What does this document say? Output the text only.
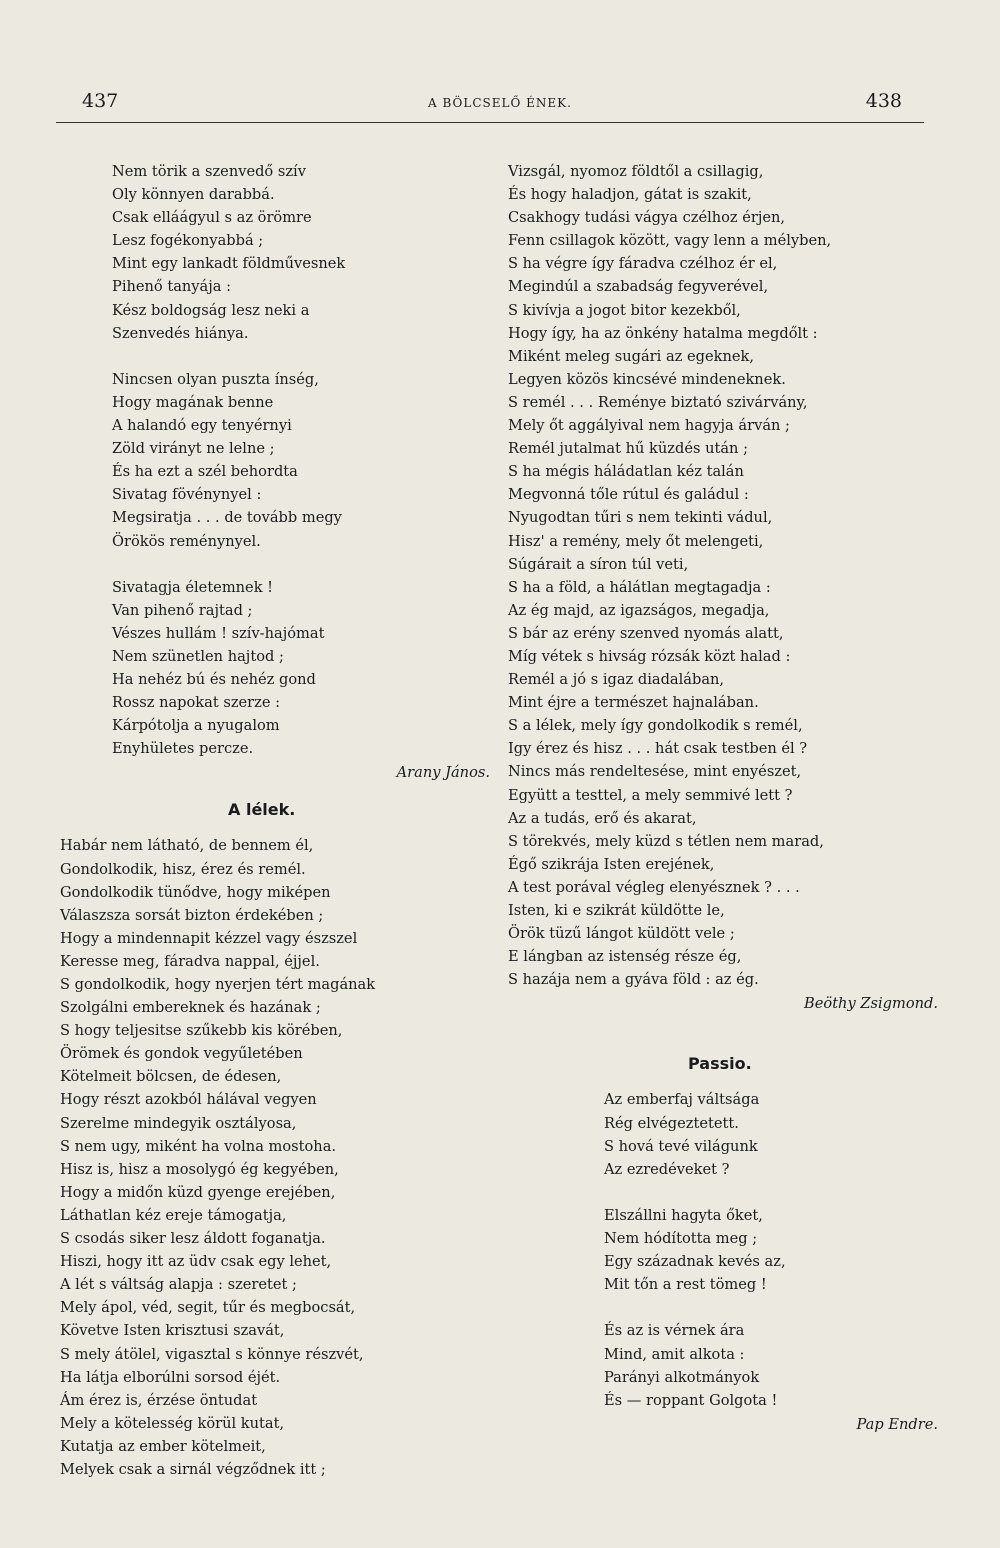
437	A BÖLCSELŐ ÉNEK.	438
Nem törik a szenvedő szív
Oly könnyen darabbá.
Csak elláágyul s az örömre
Lesz fogékonyabbá ;
Mint egy lankadt földművesnek
Pihenő tanyája :
Kész boldogság lesz neki a
Szenvedés hiánya.
Nincsen olyan puszta ínség,
Hogy magának benne
A halandó egy tenyérnyi
Zöld virányt ne lelne ;
És ha ezt a szél behordta
Sivatag fövénynyel :
Megsiratja . . . de tovább megy
Örökös reménynyel.
Sivatagja életemnek !
Van pihenő rajtad ;
Vészes hullám ! szív-hajómat
Nem szünetlen hajtod ;
Ha nehéz bú és nehéz gond
Rossz napokat szerze :
Kárpótolja a nyugalom
Enyhületes percze.
Arany János.
A lélek.
Habár nem látható, de bennem él,
Gondolkodik, hisz, érez és remél.
Gondolkodik tünődve, hogy miképen
Válaszsza sorsát bizton érdekében ;
Hogy a mindennapit kézzel vagy észszel
Keresse meg, fáradva nappal, éjjel.
S gondolkodik, hogy nyerjen tért magának
Szolgálni embereknek és hazának ;
S hogy teljesitse szűkebb kis körében,
Örömek és gondok vegyűletében
Kötelmeit bölcsen, de édesen,
Hogy részt azokból hálával vegyen
Szerelme mindegyik osztályosa,
S nem ugy, miként ha volna mostoha.
Hisz is, hisz a mosolygó ég kegyében,
Hogy a midőn küzd gyenge erejében,
Láthatlan kéz ereje támogatja,
S csodás siker lesz áldott foganatja.
Hiszi, hogy itt az üdv csak egy lehet,
A lét s váltság alapja : szeretet ;
Mely ápol, véd, segit, tűr és megbocsát,
Követve Isten krisztusi szavát,
S mely átölel, vigasztal s könnye részvét,
Ha látja elborúlni sorsod éjét.
Ám érez is, érzése öntudat
Mely a kötelesség körül kutat,
Kutatja az ember kötelmeit,
Melyek csak a sirnál végződnek itt ;
Vizsgál, nyomoz földtől a csillagig,
És hogy haladjon, gátat is szakit,
Csakhogy tudási vágya czélhoz érjen,
Fenn csillagok között, vagy lenn a mélyben,
S ha végre így fáradva czélhoz ér el,
Megindúl a szabadság fegyverével,
S kivívja a jogot bitor kezekből,
Hogy így, ha az önkény hatalma megdőlt :
Miként meleg sugári az egeknek,
Legyen közös kincsévé mindeneknek.
S remél . . . Reménye biztató szivárvány,
Mely őt aggályival nem hagyja árván ;
Remél jutalmat hű küzdés után ;
S ha mégis háládatlan kéz talán
Megvonná tőle rútul és galádul :
Nyugodtan tűri s nem tekinti vádul,
Hisz' a remény, mely őt melengeti,
Súgárait a síron túl veti,
S ha a föld, a hálátlan megtagadja :
Az ég majd, az igazságos, megadja,
S bár az erény szenved nyomás alatt,
Míg vétek s hivság rózsák közt halad :
Remél a jó s igaz diadalában,
Mint éjre a természet hajnalában.
S a lélek, mely így gondolkodik s remél,
Igy érez és hisz . . . hát csak testben él ?
Nincs más rendeltesése, mint enyészet,
Együtt a testtel, a mely semmivé lett ?
Az a tudás, erő és akarat,
S törekvés, mely küzd s tétlen nem marad,
Égő szikrája Isten erejének,
A test porával végleg elenyésznek ? . . .
Isten, ki e szikrát küldötte le,
Örök tüzű lángot küldött vele ;
E lángban az istenség része ég,
S hazája nem a gyáva föld : az ég.
Beöthy Zsigmond.
Passio.
Az emberfaj váltsága
Rég elvégeztetett.
S hová tevé világunk
Az ezredéveket ?
Elszállni hagyta őket,
Nem hódította meg ;
Egy századnak kevés az,
Mit tőn a rest tömeg !
És az is vérnek ára
Mind, amit alkota :
Parányi alkotmányok
És — roppant Golgota !
Pap Endre.
